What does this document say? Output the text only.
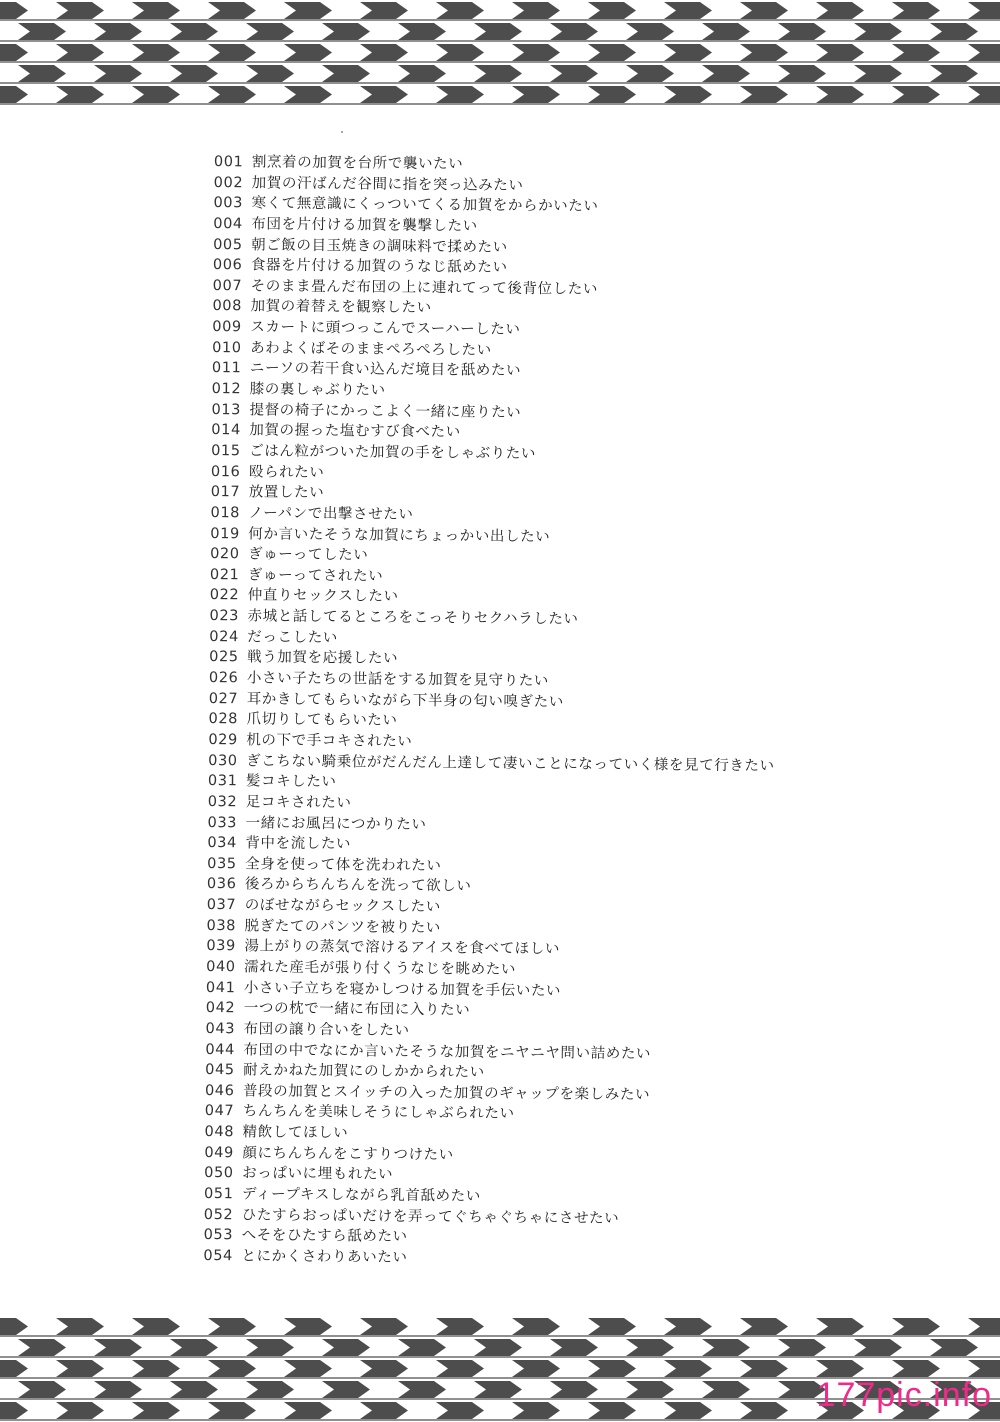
001 割烹着の加賀を台所で襲いたい
002 加賀の汗ばんだ谷間に指を突っ込みたい
003 寒くて無意識にくっついてくる加賀をからかいたい
004 布団を片付ける加賀を襲撃したい
005 朝ご飯の目玉焼きの調味料で揉めたい
006 食器を片付ける加賀のうなじ舐めたい
007 そのまま畳んだ布団の上に連れてって後背位したい
008 加賀の着替えを観察したい
009 スカートに頭つっこんでスーハーしたい
010 あわよくばそのままぺろぺろしたい
011 ニーソの若干食い込んだ境目を舐めたい
012 膝の裏しゃぶりたい
013 提督の椅子にかっこよく一緒に座りたい
014 加賀の握った塩むすび食べたい
015 ごはん粒がついた加賀の手をしゃぶりたい
016 殴られたい
017 放置したい
018 ノーパンで出撃させたい
019 何か言いたそうな加賀にちょっかい出したい
020 ぎゅーってしたい
021 ぎゅーってされたい
022 仲直りセックスしたい
023 赤城と話してるところをこっそりセクハラしたい
024 だっこしたい
025 戦う加賀を応援したい
026 小さい子たちの世話をする加賀を見守りたい
027 耳かきしてもらいながら下半身の匂い嗅ぎたい
028 爪切りしてもらいたい
029 机の下で手コキされたい
030 ぎこちない騎乗位がだんだん上達して凄いことになっていく様を見て行きたい
031 髪コキしたい
032 足コキされたい
033 一緒にお風呂につかりたい
034 背中を流したい
035 全身を使って体を洗われたい
036 後ろからちんちんを洗って欲しい
037 のぼせながらセックスしたい
038 脱ぎたてのパンツを被りたい
039 湯上がりの蒸気で溶けるアイスを食べてほしい
040 濡れた産毛が張り付くうなじを眺めたい
041 小さい子立ちを寝かしつける加賀を手伝いたい
042 一つの枕で一緒に布団に入りたい
043 布団の譲り合いをしたい
044 布団の中でなにか言いたそうな加賀をニヤニヤ問い詰めたい
045 耐えかねた加賀にのしかかられたい
046 普段の加賀とスイッチの入った加賀のギャップを楽しみたい
047 ちんちんを美味しそうにしゃぶられたい
048 精飲してほしい
049 顔にちんちんをこすりつけたい
050 おっぱいに埋もれたい
051 ディープキスしながら乳首舐めたい
052 ひたすらおっぱいだけを弄ってぐちゃぐちゃにさせたい
053 へそをひたすら舐めたい
054 とにかくさわりあいたい
177pic.info
